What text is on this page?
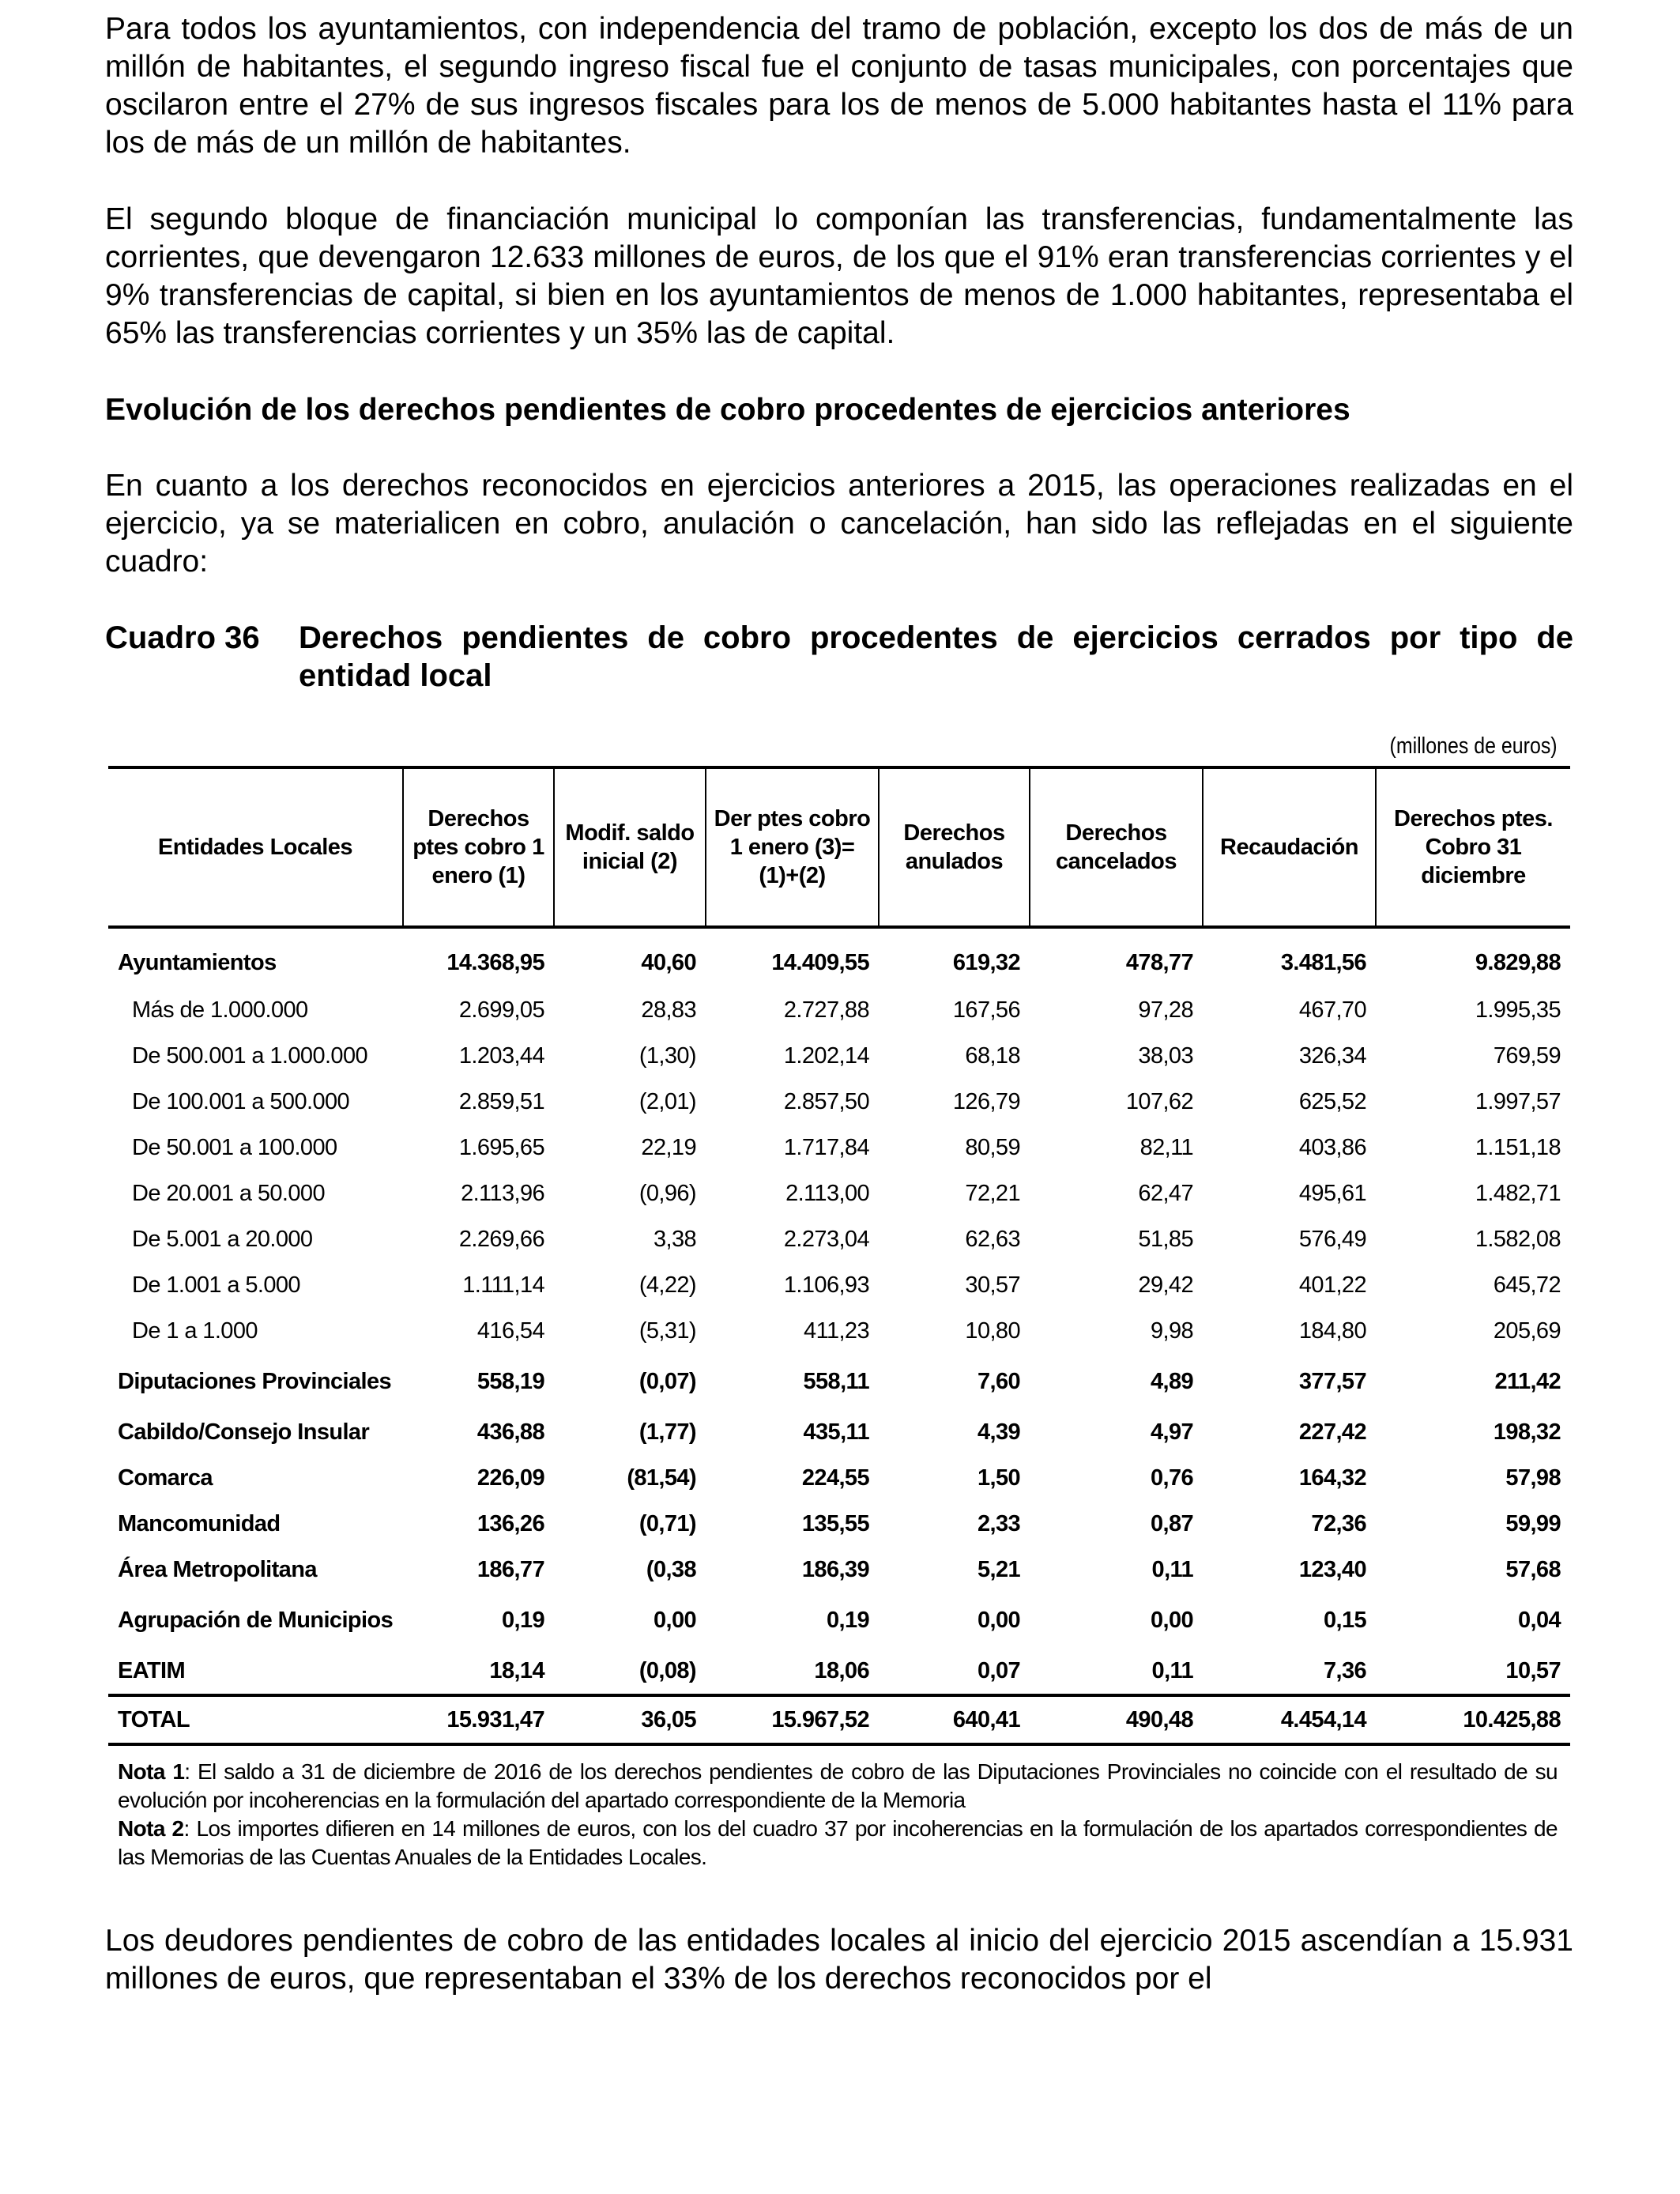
Para todos los ayuntamientos, con independencia del tramo de población, excepto los dos de más de un millón de habitantes, el segundo ingreso fiscal fue el conjunto de tasas municipales, con porcentajes que oscilaron entre el 27% de sus ingresos fiscales para los de menos de 5.000 habitantes hasta el 11% para los de más de un millón de habitantes.

El segundo bloque de financiación municipal lo componían las transferencias, fundamentalmente las corrientes, que devengaron 12.633 millones de euros, de los que el 91% eran transferencias corrientes y el 9% transferencias de capital, si bien en los ayuntamientos de menos de 1.000 habitantes, representaba el 65% las transferencias corrientes y un 35% las de capital.

Evolución de los derechos pendientes de cobro procedentes de ejercicios anteriores

En cuanto a los derechos reconocidos en ejercicios anteriores a 2015, las operaciones realizadas en el ejercicio, ya se materialicen en cobro, anulación o cancelación, han sido las reflejadas en el siguiente cuadro:

Cuadro 36 Derechos pendientes de cobro procedentes de ejercicios cerrados por tipo de entidad local
(millones de euros)
Entidades Locales	Derechos ptes cobro 1 enero (1)	Modif. saldo inicial (2)	Der ptes cobro 1 enero (3)= (1)+(2)	Derechos anulados	Derechos cancelados	Recaudación	Derechos ptes. Cobro 31 diciembre
Ayuntamientos	14.368,95	40,60	14.409,55	619,32	478,77	3.481,56	9.829,88
Más de 1.000.000	2.699,05	28,83	2.727,88	167,56	97,28	467,70	1.995,35
De 500.001 a 1.000.000	1.203,44	(1,30)	1.202,14	68,18	38,03	326,34	769,59
De 100.001 a 500.000	2.859,51	(2,01)	2.857,50	126,79	107,62	625,52	1.997,57
De 50.001 a 100.000	1.695,65	22,19	1.717,84	80,59	82,11	403,86	1.151,18
De 20.001 a 50.000	2.113,96	(0,96)	2.113,00	72,21	62,47	495,61	1.482,71
De 5.001 a 20.000	2.269,66	3,38	2.273,04	62,63	51,85	576,49	1.582,08
De 1.001 a 5.000	1.111,14	(4,22)	1.106,93	30,57	29,42	401,22	645,72
De 1 a 1.000	416,54	(5,31)	411,23	10,80	9,98	184,80	205,69
Diputaciones Provinciales	558,19	(0,07)	558,11	7,60	4,89	377,57	211,42
Cabildo/Consejo Insular	436,88	(1,77)	435,11	4,39	4,97	227,42	198,32
Comarca	226,09	(81,54)	224,55	1,50	0,76	164,32	57,98
Mancomunidad	136,26	(0,71)	135,55	2,33	0,87	72,36	59,99
Área Metropolitana	186,77	(0,38	186,39	5,21	0,11	123,40	57,68
Agrupación de Municipios	0,19	0,00	0,19	0,00	0,00	0,15	0,04
EATIM	18,14	(0,08)	18,06	0,07	0,11	7,36	10,57
TOTAL	15.931,47	36,05	15.967,52	640,41	490,48	4.454,14	10.425,88

Nota 1: El saldo a 31 de diciembre de 2016 de los derechos pendientes de cobro de las Diputaciones Provinciales no coincide con el resultado de su evolución por incoherencias en la formulación del apartado correspondiente de la Memoria

Nota 2: Los importes difieren en 14 millones de euros, con los del cuadro 37 por incoherencias en la formulación de los apartados correspondientes de las Memorias de las Cuentas Anuales de la Entidades Locales.

Los deudores pendientes de cobro de las entidades locales al inicio del ejercicio 2015 ascendían a 15.931 millones de euros, que representaban el 33% de los derechos reconocidos por el
